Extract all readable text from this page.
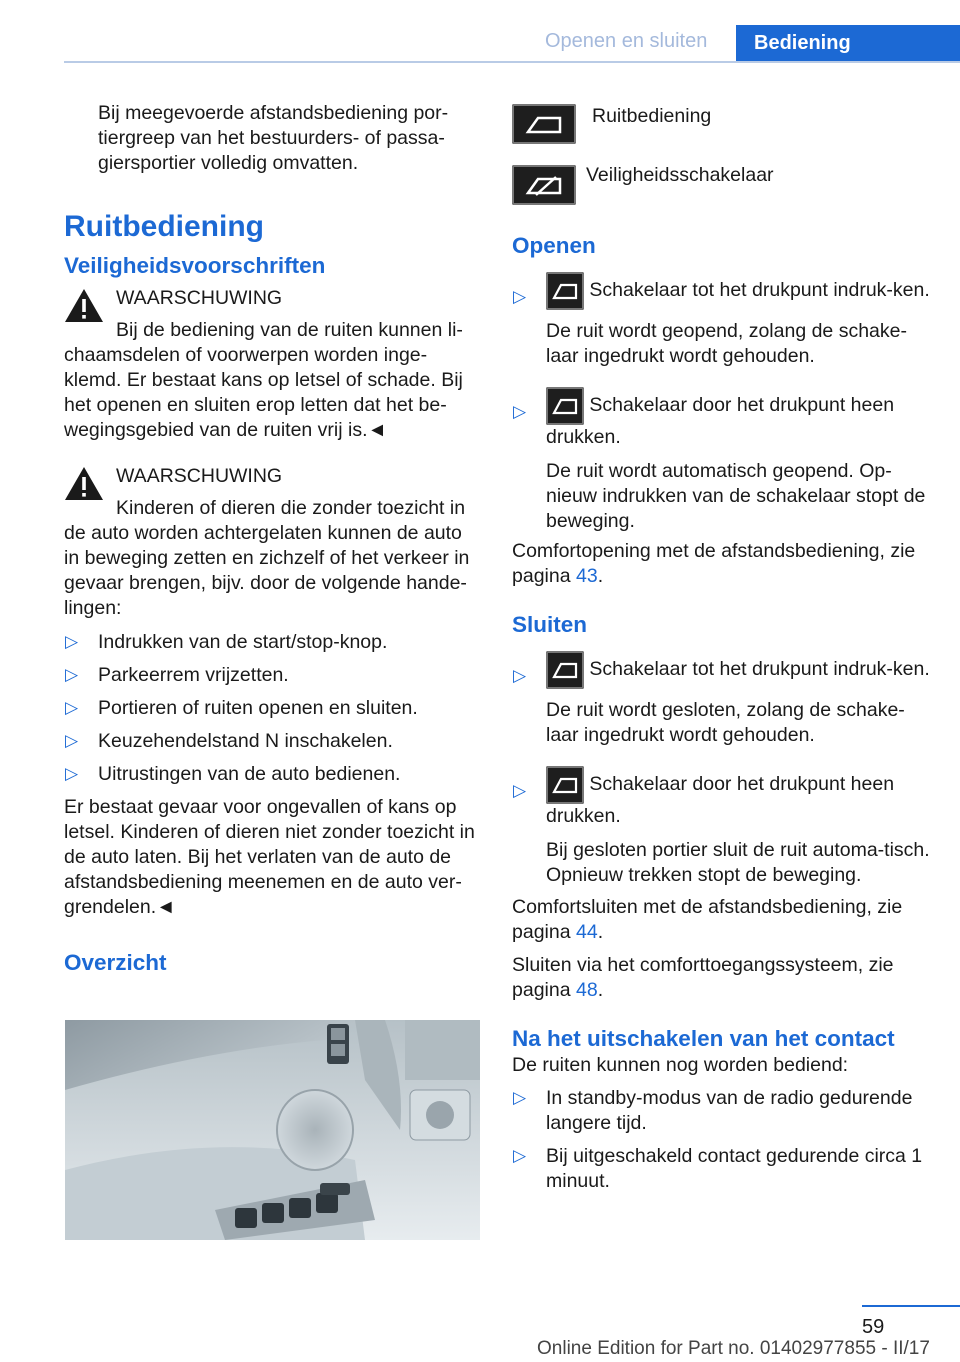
Openen en sluiten	Bediening

Bij meegevoerde afstandsbediening por-tiergreep van het bestuurders- of passa-giersportier volledig omvatten.

Ruitbediening

Veiligheidsvoorschriften

WAARSCHUWING

Bij de bediening van de ruiten kunnen li-

chaamsdelen of voorwerpen worden inge-klemd. Er bestaat kans op letsel of schade. Bij het openen en sluiten erop letten dat het be-wegingsgebied van de ruiten vrij is.◄

WAARSCHUWING

Kinderen of dieren die zonder toezicht in

de auto worden achtergelaten kunnen de auto in beweging zetten en zichzelf of het verkeer in gevaar brengen, bijv. door de volgende hande-lingen:

▷ Indrukken van de start/stop-knop.

▷ Parkeerrem vrijzetten.

▷ Portieren of ruiten openen en sluiten.

▷ Keuzehendelstand N inschakelen.

▷ Uitrustingen van de auto bedienen.

Er bestaat gevaar voor ongevallen of kans op letsel. Kinderen of dieren niet zonder toezicht in de auto laten. Bij het verlaten van de auto de afstandsbediening meenemen en de auto ver-grendelen.◄

Overzicht

Ruitbediening
Veiligheidsschakelaar

Openen

▷	Schakelaar tot het drukpunt indruk-ken.

De ruit wordt geopend, zolang de schake-laar ingedrukt wordt gehouden.

▷	Schakelaar door het drukpunt heen drukken.

De ruit wordt automatisch geopend. Op-nieuw indrukken van de schakelaar stopt de beweging.

Comfortopening met de afstandsbediening, zie pagina 43.

Sluiten

▷	Schakelaar tot het drukpunt indruk-ken.

De ruit wordt gesloten, zolang de schake-laar ingedrukt wordt gehouden.

▷	Schakelaar door het drukpunt heen drukken.

Bij gesloten portier sluit de ruit automa-tisch. Opnieuw trekken stopt de beweging.

Comfortsluiten met de afstandsbediening, zie pagina 44.

Sluiten via het comforttoegangssysteem, zie pagina 48.

Na het uitschakelen van het contact

De ruiten kunnen nog worden bediend:

▷ In standby-modus van de radio gedurende langere tijd.

▷ Bij uitgeschakeld contact gedurende circa 1 minuut.

59
Online Edition for Part no. 01402977855 - II/17
